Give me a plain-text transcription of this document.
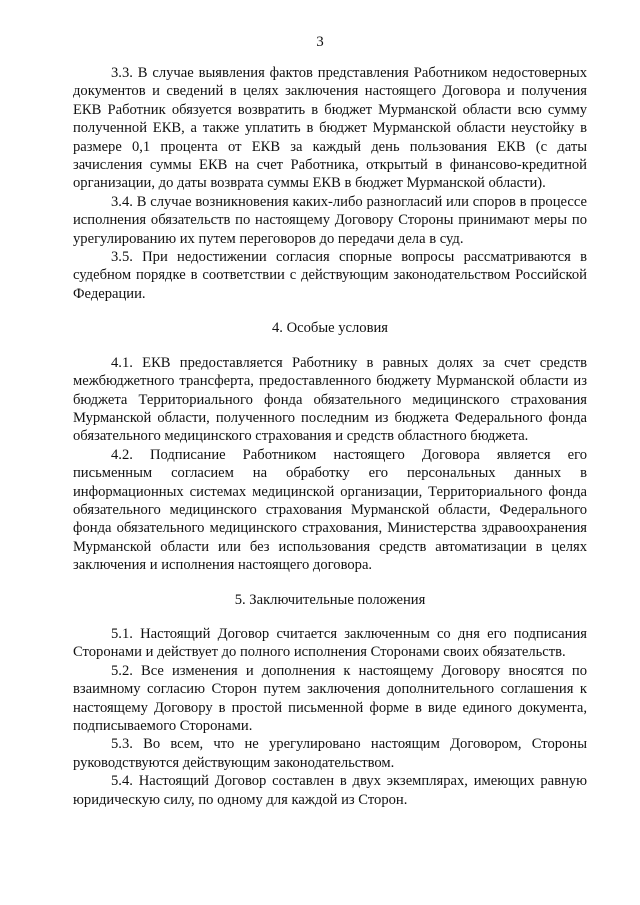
3

3.3. В случае выявления фактов представления Работником недостоверных документов и сведений в целях заключения настоящего Договора и получения ЕКВ Работник обязуется возвратить в бюджет Мурманской области всю сумму полученной ЕКВ, а также уплатить в бюджет Мурманской области неустойку в размере 0,1 процента от ЕКВ за каждый день пользования ЕКВ (с даты зачисления суммы ЕКВ на счет Работника, открытый в финансово-кредитной организации, до даты возврата суммы ЕКВ в бюджет Мурманской области).

3.4. В случае возникновения каких-либо разногласий или споров в процессе исполнения обязательств по настоящему Договору Стороны принимают меры по урегулированию их путем переговоров до передачи дела в суд.

3.5. При недостижении согласия спорные вопросы рассматриваются в судебном порядке в соответствии с действующим законодательством Российской Федерации.

4. Особые условия

4.1. ЕКВ предоставляется Работнику в равных долях за счет средств межбюджетного трансферта, предоставленного бюджету Мурманской области из бюджета Территориального фонда обязательного медицинского страхования Мурманской области, полученного последним из бюджета Федерального фонда обязательного медицинского страхования и средств областного бюджета.

4.2. Подписание Работником настоящего Договора является его письменным согласием на обработку его персональных данных в информационных системах медицинской организации, Территориального фонда обязательного медицинского страхования Мурманской области, Федерального фонда обязательного медицинского страхования, Министерства здравоохранения Мурманской области или без использования средств автоматизации в целях заключения и исполнения настоящего договора.

5. Заключительные положения

5.1. Настоящий Договор считается заключенным со дня его подписания Сторонами и действует до полного исполнения Сторонами своих обязательств.

5.2. Все изменения и дополнения к настоящему Договору вносятся по взаимному согласию Сторон путем заключения дополнительного соглашения к настоящему Договору в простой письменной форме в виде единого документа, подписываемого Сторонами.

5.3. Во всем, что не урегулировано настоящим Договором, Стороны руководствуются действующим законодательством.

5.4. Настоящий Договор составлен в двух экземплярах, имеющих равную юридическую силу, по одному для каждой из Сторон.
